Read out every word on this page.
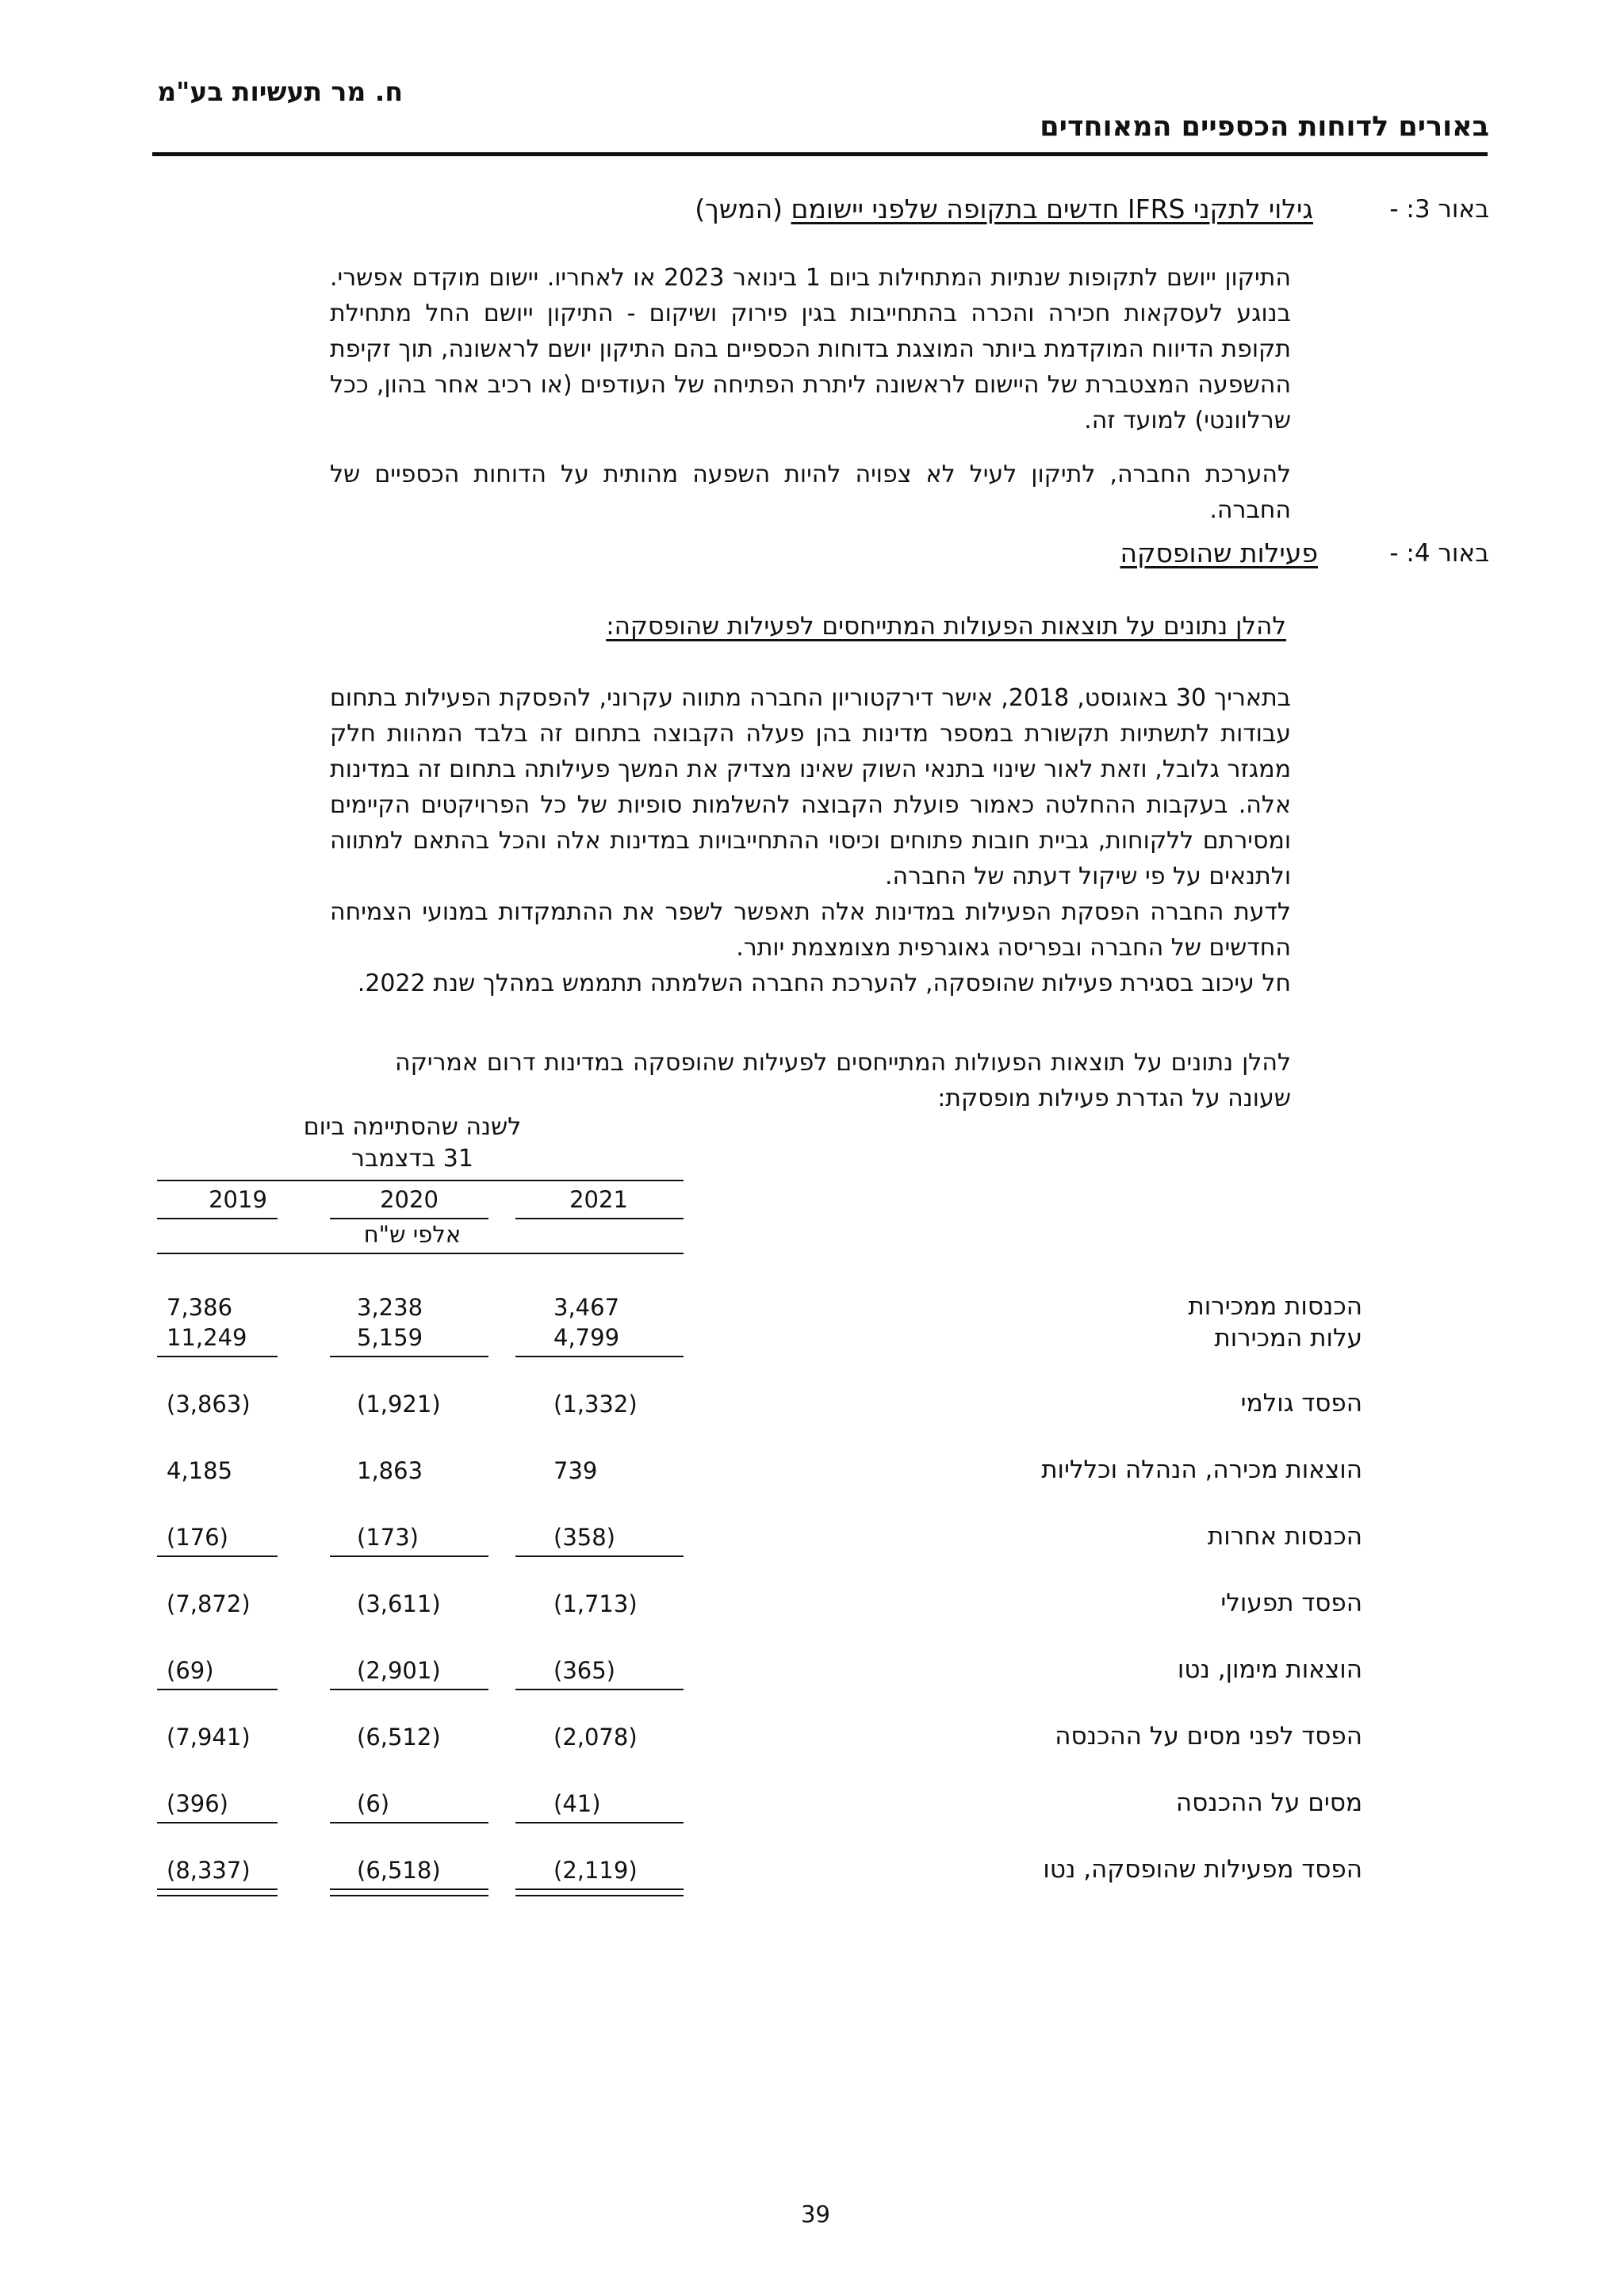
ח. מר תעשיות בע"מ
באורים לדוחות הכספיים המאוחדים
באור 3: -
גילוי לתקני IFRS חדשים בתקופה שלפני יישומם (המשך)
התיקון ייושם לתקופות שנתיות המתחילות ביום 1 בינואר 2023 או לאחריו. יישום מוקדם אפשרי. בנוגע לעסקאות חכירה והכרה בהתחייבות בגין פירוק ושיקום - התיקון ייושם החל מתחילת תקופת הדיווח המוקדמת ביותר המוצגת בדוחות הכספיים בהם התיקון יושם לראשונה, תוך זקיפת ההשפעה המצטברת של היישום לראשונה ליתרת הפתיחה של העודפים (או רכיב אחר בהון, ככל שרלוונטי) למועד זה.
להערכת החברה, לתיקון לעיל לא צפויה להיות השפעה מהותית על הדוחות הכספיים של החברה.
באור 4: -
פעילות שהופסקה
להלן נתונים על תוצאות הפעולות המתייחסים לפעילות שהופסקה:
בתאריך 30 באוגוסט, 2018, אישר דירקטוריון החברה מתווה עקרוני, להפסקת הפעילות בתחום עבודות לתשתיות תקשורת במספר מדינות בהן פעלה הקבוצה בתחום זה בלבד המהוות חלק ממגזר גלובל, וזאת לאור שינוי בתנאי השוק שאינו מצדיק את המשך פעילותה בתחום זה במדינות אלה. בעקבות ההחלטה כאמור פועלת הקבוצה להשלמות סופיות של כל הפרויקטים הקיימים ומסירתם ללקוחות, גביית חובות פתוחים וכיסוי ההתחייבויות במדינות אלה והכל בהתאם למתווה ולתנאים על פי שיקול דעתה של החברה.
לדעת החברה הפסקת הפעילות במדינות אלה תאפשר לשפר את ההתמקדות במנועי הצמיחה החדשים של החברה ובפריסה גאוגרפית מצומצמת יותר.
חל עיכוב בסגירת פעילות שהופסקה, להערכת החברה השלמתה תתממש במהלך שנת 2022.
להלן נתונים על תוצאות הפעולות המתייחסים לפעילות שהופסקה במדינות דרום אמריקה שעונה על הגדרת פעילות מופסקת:
לשנה שהסתיימה ביום
31 בדצמבר
2021
2020
2019
אלפי ש"ח
הכנסות ממכירות
3,467
3,238
7,386
עלות המכירות
4,799
5,159
11,249
הפסד גולמי
(1,332)
(1,921)
(3,863)
הוצאות מכירה, הנהלה וכלליות
739
1,863
4,185
הכנסות אחרות
(358)
(173)
(176)
הפסד תפעולי
(1,713)
(3,611)
(7,872)
הוצאות מימון, נטו
(365)
(2,901)
(69)
הפסד לפני מסים על ההכנסה
(2,078)
(6,512)
(7,941)
מסים על ההכנסה
(41)
(6)
(396)
הפסד מפעילות שהופסקה, נטו
(2,119)
(6,518)
(8,337)
39
